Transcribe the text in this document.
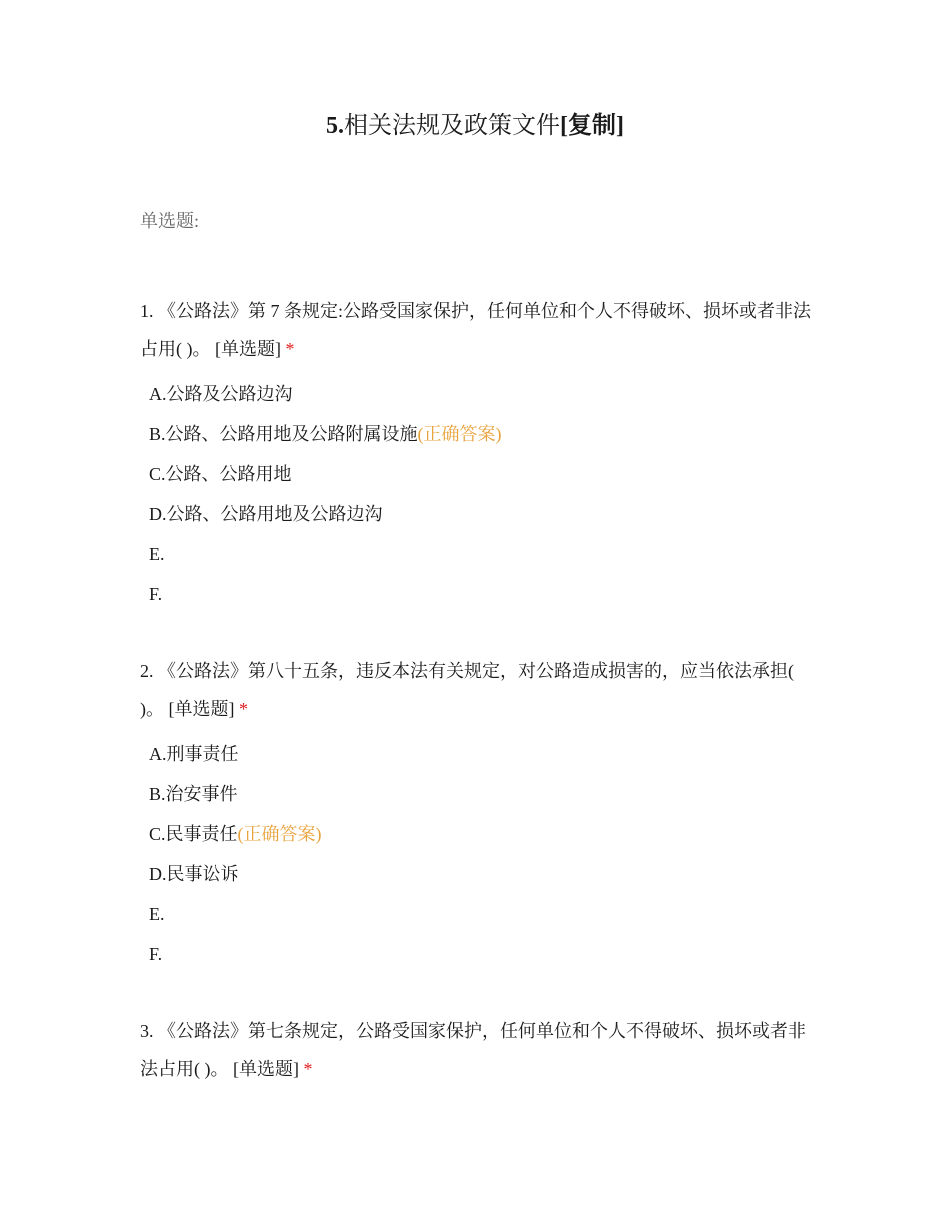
5.相关法规及政策文件[复制]
单选题:

1. 《公路法》第 7 条规定:公路受国家保护，任何单位和个人不得破坏、损坏或者非法占用( )。 [单选题] *

A.公路及公路边沟
B.公路、公路用地及公路附属设施(正确答案)
C.公路、公路用地
D.公路、公路用地及公路边沟
E.
F.

2. 《公路法》第八十五条，违反本法有关规定，对公路造成损害的，应当依法承担( )。 [单选题] *

A.刑事责任
B.治安事件
C.民事责任(正确答案)
D.民事讼诉
E.
F.

3. 《公路法》第七条规定，公路受国家保护，任何单位和个人不得破坏、损坏或者非法占用( )。 [单选题] *
